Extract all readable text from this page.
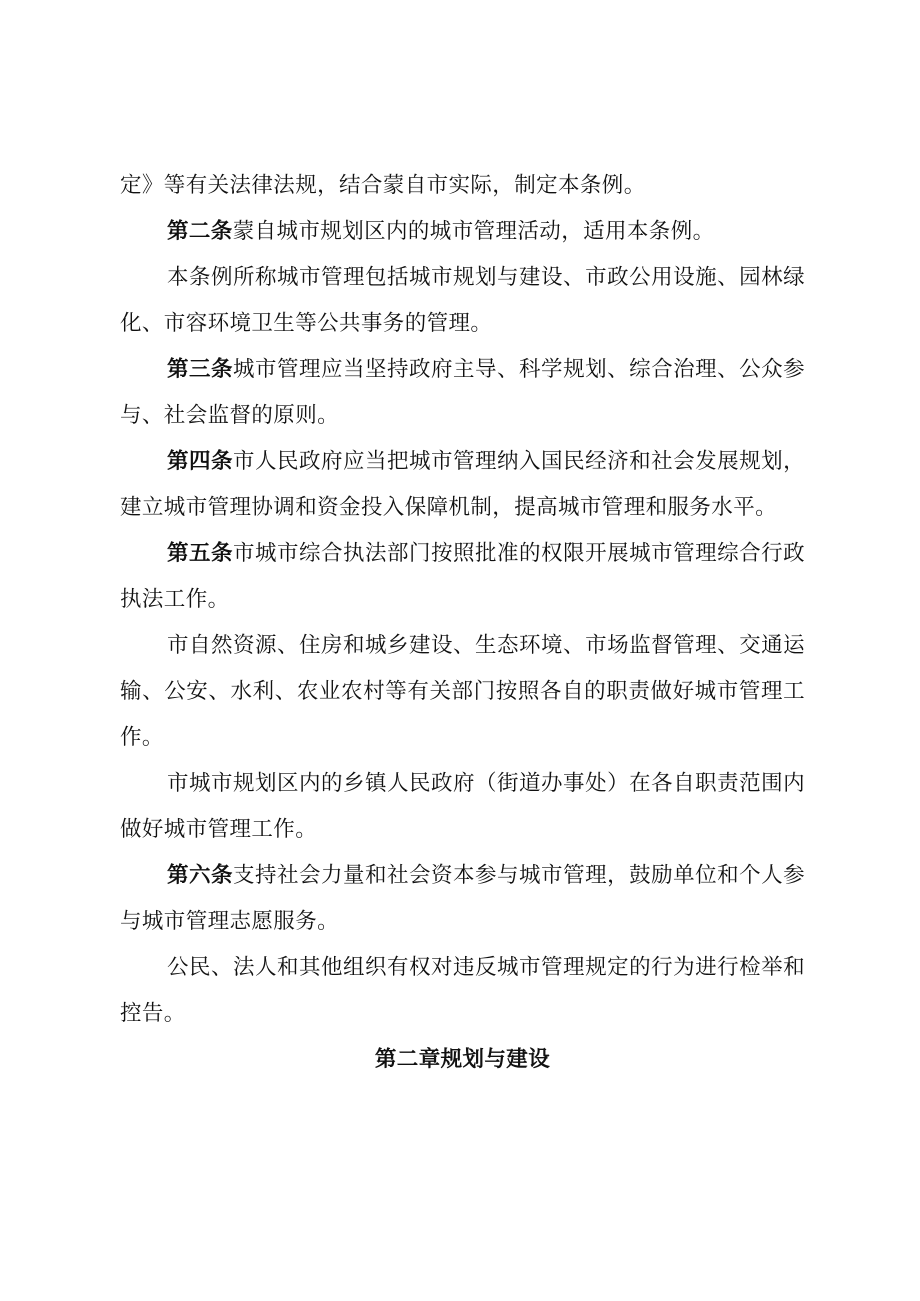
定》等有关法律法规，结合蒙自市实际，制定本条例。

第二条蒙自城市规划区内的城市管理活动，适用本条例。

本条例所称城市管理包括城市规划与建设、市政公用设施、园林绿化、市容环境卫生等公共事务的管理。

第三条城市管理应当坚持政府主导、科学规划、综合治理、公众参与、社会监督的原则。

第四条市人民政府应当把城市管理纳入国民经济和社会发展规划，建立城市管理协调和资金投入保障机制，提高城市管理和服务水平。

第五条市城市综合执法部门按照批准的权限开展城市管理综合行政执法工作。

市自然资源、住房和城乡建设、生态环境、市场监督管理、交通运输、公安、水利、农业农村等有关部门按照各自的职责做好城市管理工作。

市城市规划区内的乡镇人民政府（街道办事处）在各自职责范围内做好城市管理工作。

第六条支持社会力量和社会资本参与城市管理，鼓励单位和个人参与城市管理志愿服务。

公民、法人和其他组织有权对违反城市管理规定的行为进行检举和控告。

第二章规划与建设
